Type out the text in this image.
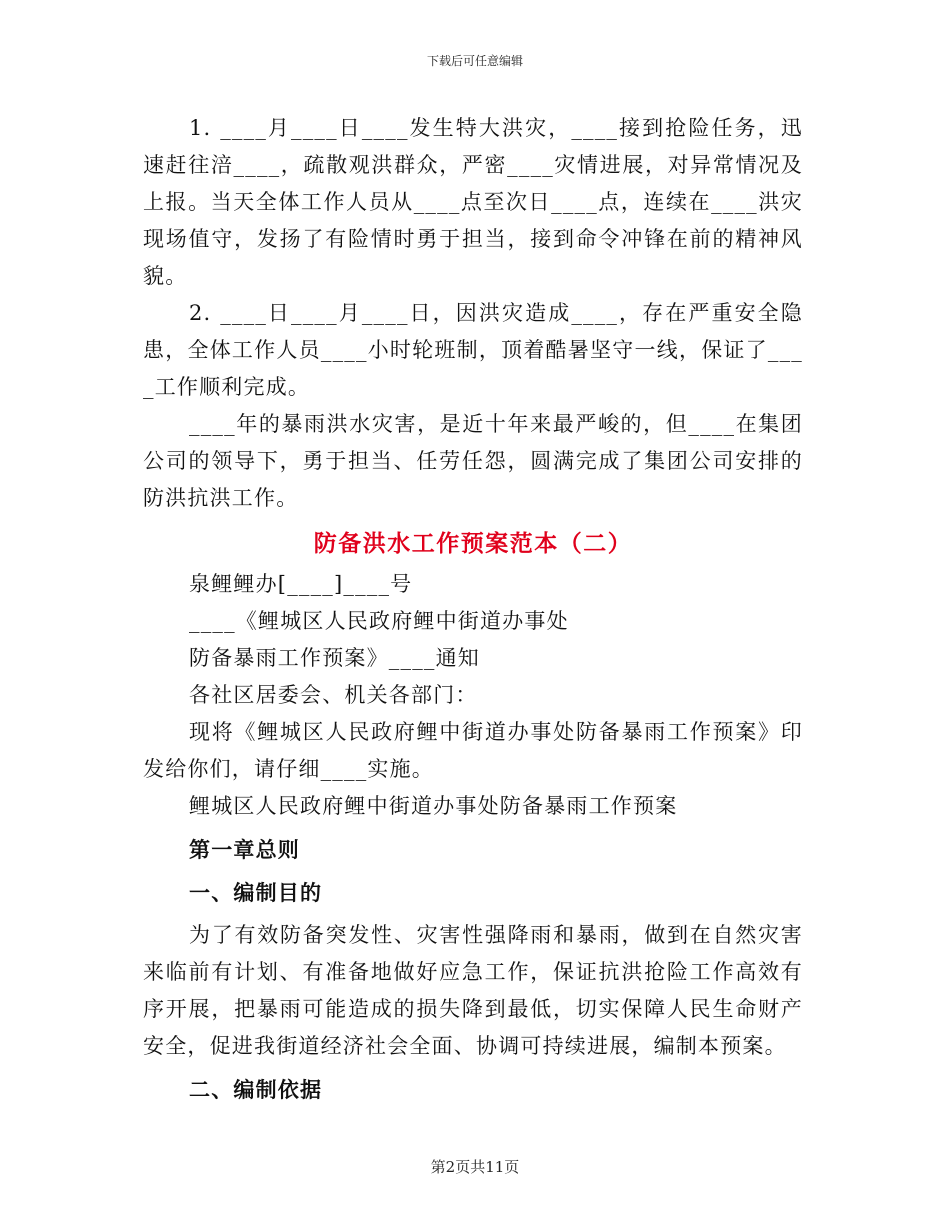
下载后可任意编辑

1. ____月____日____发生特大洪灾，____接到抢险任务，迅速赶往涪____，疏散观洪群众，严密____灾情进展，对异常情况及上报。当天全体工作人员从____点至次日____点，连续在____洪灾现场值守，发扬了有险情时勇于担当，接到命令冲锋在前的精神风貌。

2. ____日____月____日，因洪灾造成____，存在严重安全隐患，全体工作人员____小时轮班制，顶着酷暑坚守一线，保证了____工作顺利完成。

____年的暴雨洪水灾害，是近十年来最严峻的，但____在集团公司的领导下，勇于担当、任劳任怨，圆满完成了集团公司安排的防洪抗洪工作。

防备洪水工作预案范本（二）

泉鲤鲤办[____]____号

____《鲤城区人民政府鲤中街道办事处

防备暴雨工作预案》____通知

各社区居委会、机关各部门：

现将《鲤城区人民政府鲤中街道办事处防备暴雨工作预案》印发给你们，请仔细____实施。

鲤城区人民政府鲤中街道办事处防备暴雨工作预案

第一章总则

一、编制目的

为了有效防备突发性、灾害性强降雨和暴雨，做到在自然灾害来临前有计划、有准备地做好应急工作，保证抗洪抢险工作高效有序开展，把暴雨可能造成的损失降到最低，切实保障人民生命财产安全，促进我街道经济社会全面、协调可持续进展，编制本预案。

二、编制依据

第2页共11页
